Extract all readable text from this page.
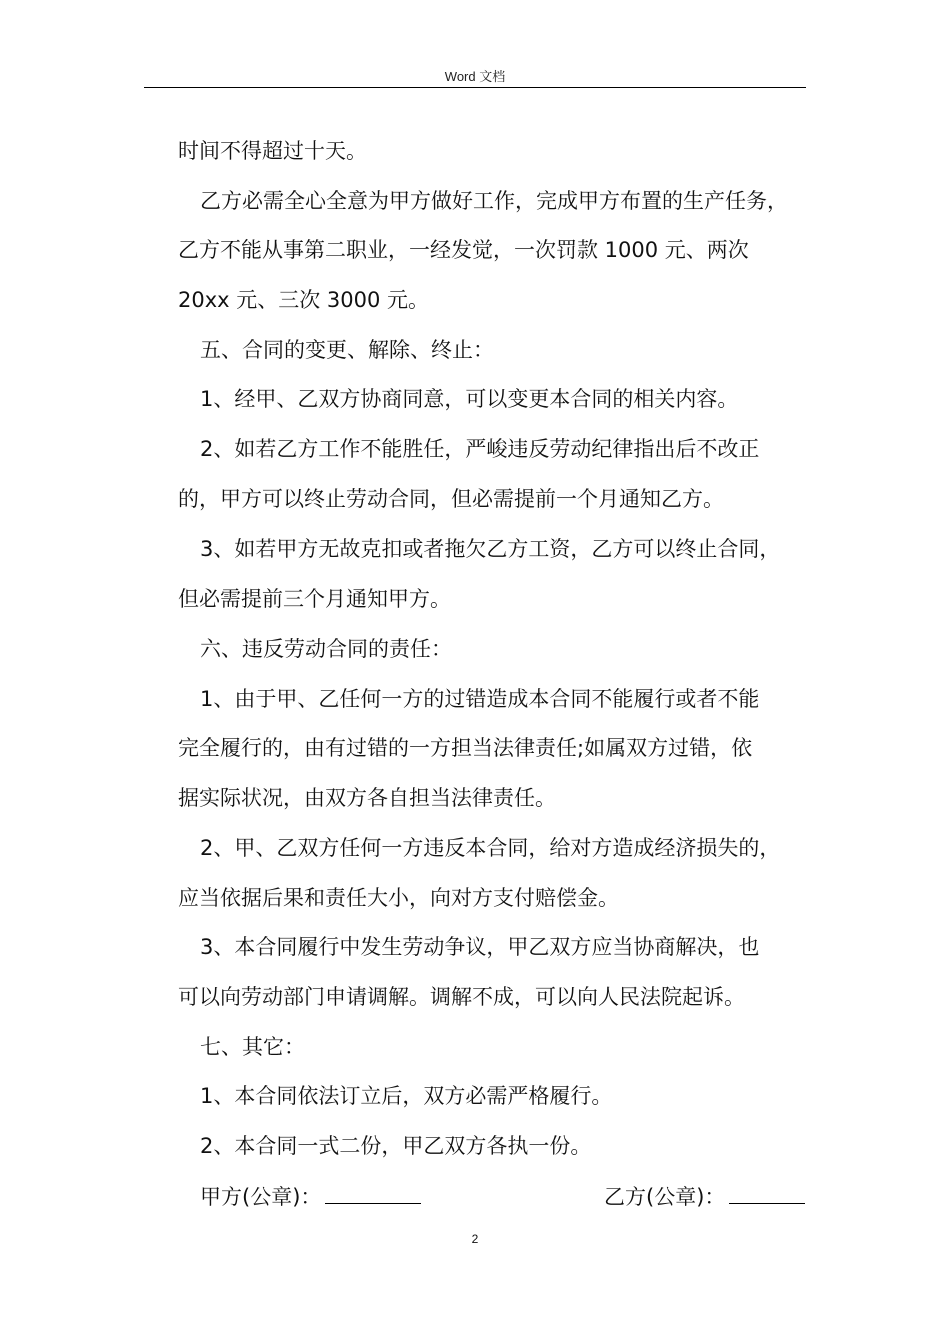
Word 文档
时间不得超过十天。
乙方必需全心全意为甲方做好工作，完成甲方布置的生产任务，
乙方不能从事第二职业，一经发觉，一次罚款 1000 元、两次
20xx 元、三次 3000 元。
五、合同的变更、解除、终止：
1、经甲、乙双方协商同意，可以变更本合同的相关内容。
2、如若乙方工作不能胜任，严峻违反劳动纪律指出后不改正
的，甲方可以终止劳动合同，但必需提前一个月通知乙方。
3、如若甲方无故克扣或者拖欠乙方工资，乙方可以终止合同，
但必需提前三个月通知甲方。
六、违反劳动合同的责任：
1、由于甲、乙任何一方的过错造成本合同不能履行或者不能
完全履行的，由有过错的一方担当法律责任;如属双方过错，依
据实际状况，由双方各自担当法律责任。
2、甲、乙双方任何一方违反本合同，给对方造成经济损失的，
应当依据后果和责任大小，向对方支付赔偿金。
3、本合同履行中发生劳动争议，甲乙双方应当协商解决，也
可以向劳动部门申请调解。调解不成，可以向人民法院起诉。
七、其它：
1、本合同依法订立后，双方必需严格履行。
2、本合同一式二份，甲乙双方各执一份。
甲方(公章)：	乙方(公章)：
2
